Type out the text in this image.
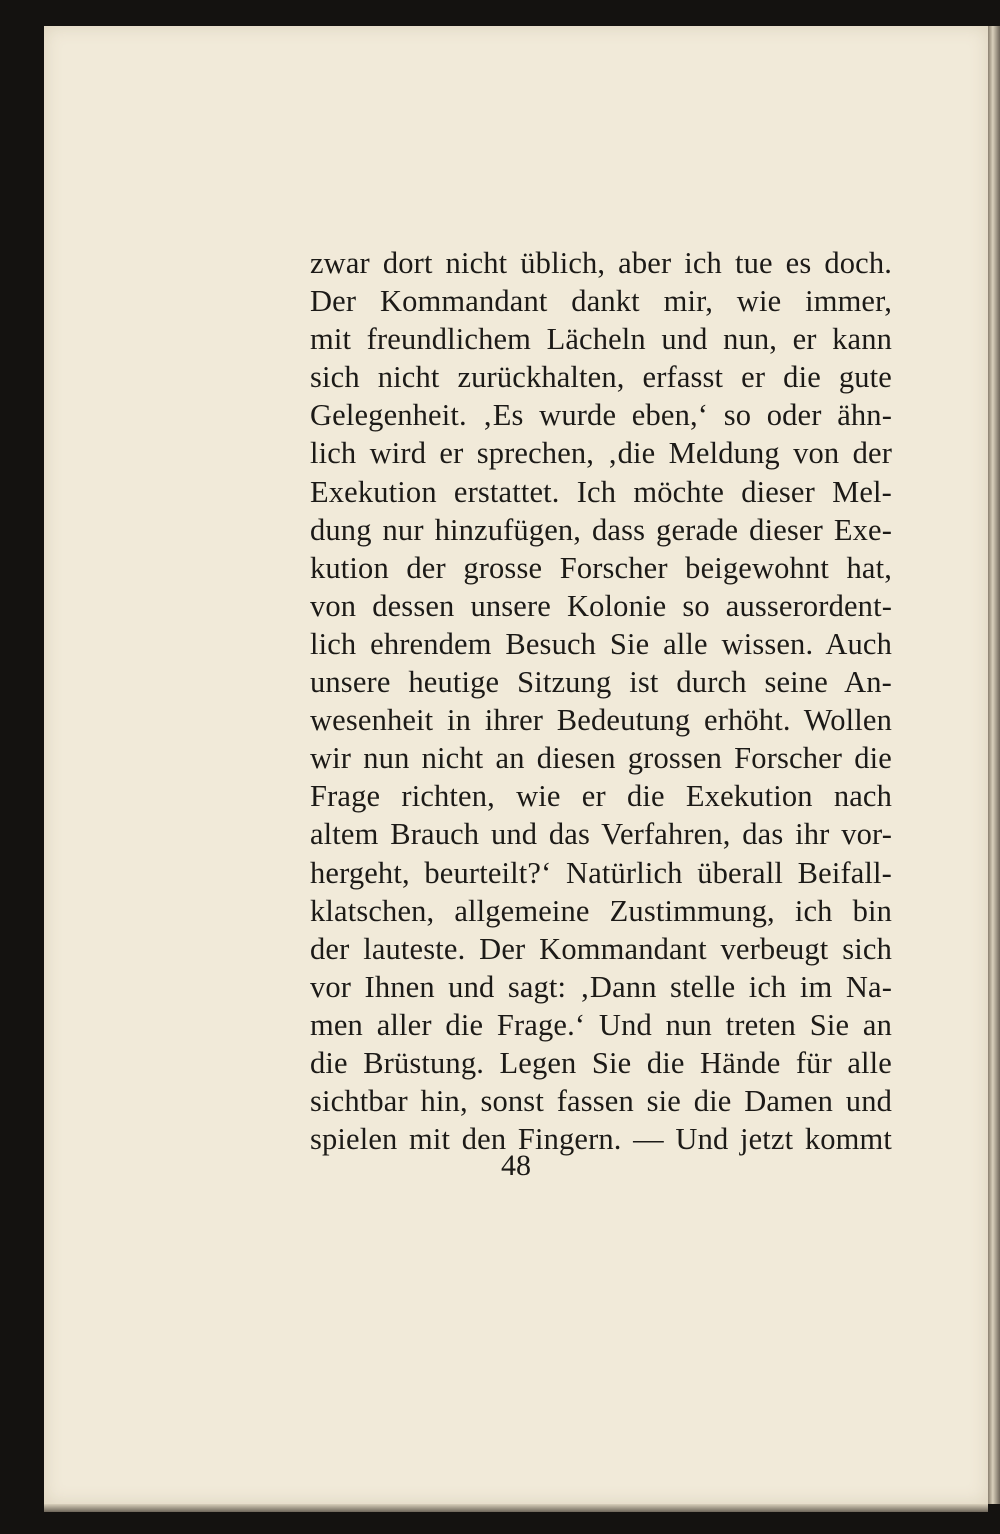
zwar dort nicht üblich, aber ich tue es doch.
Der Kommandant dankt mir, wie immer,
mit freundlichem Lächeln und nun, er kann
sich nicht zurückhalten, erfasst er die gute
Gelegenheit. ‚Es wurde eben,‘ so oder ähn-
lich wird er sprechen, ‚die Meldung von der
Exekution erstattet. Ich möchte dieser Mel-
dung nur hinzufügen, dass gerade dieser Exe-
kution der grosse Forscher beigewohnt hat,
von dessen unsere Kolonie so ausserordent-
lich ehrendem Besuch Sie alle wissen. Auch
unsere heutige Sitzung ist durch seine An-
wesenheit in ihrer Bedeutung erhöht. Wollen
wir nun nicht an diesen grossen Forscher die
Frage richten, wie er die Exekution nach
altem Brauch und das Verfahren, das ihr vor-
hergeht, beurteilt?‘ Natürlich überall Beifall-
klatschen, allgemeine Zustimmung, ich bin
der lauteste. Der Kommandant verbeugt sich
vor Ihnen und sagt: ‚Dann stelle ich im Na-
men aller die Frage.‘ Und nun treten Sie an
die Brüstung. Legen Sie die Hände für alle
sichtbar hin, sonst fassen sie die Damen und
spielen mit den Fingern. — Und jetzt kommt
48
